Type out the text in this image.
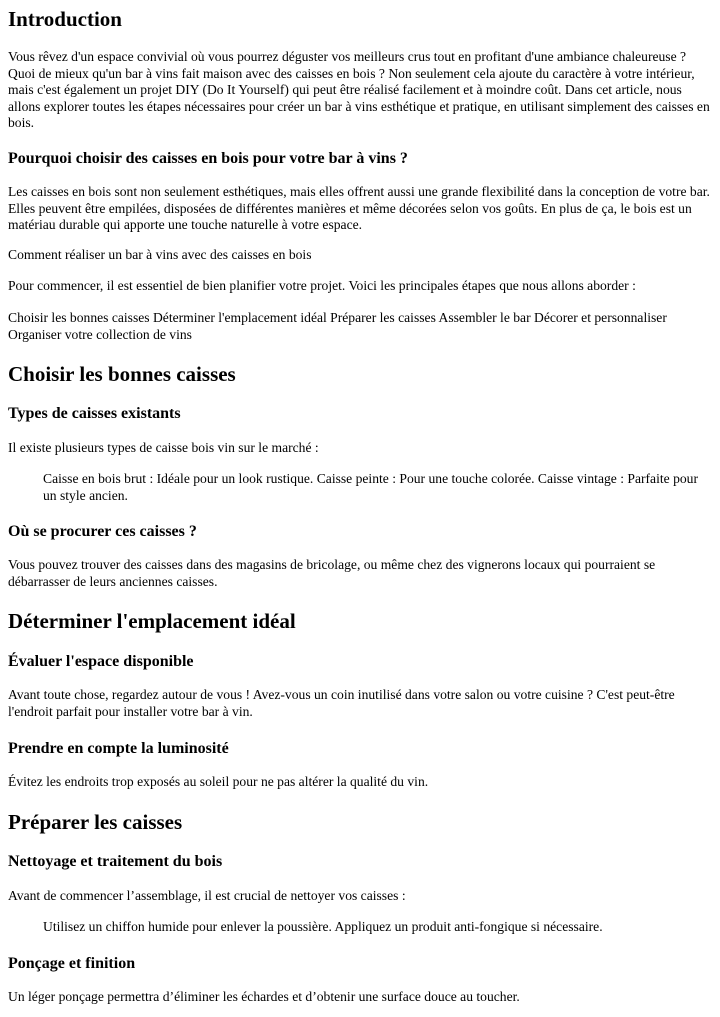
Introduction

Vous rêvez d'un espace convivial où vous pourrez déguster vos meilleurs crus tout en profitant d'une ambiance chaleureuse ? Quoi de mieux qu'un bar à vins fait maison avec des caisses en bois ? Non seulement cela ajoute du caractère à votre intérieur, mais c'est également un projet DIY (Do It Yourself) qui peut être réalisé facilement et à moindre coût. Dans cet article, nous allons explorer toutes les étapes nécessaires pour créer un bar à vins esthétique et pratique, en utilisant simplement des caisses en bois.

Pourquoi choisir des caisses en bois pour votre bar à vins ?

Les caisses en bois sont non seulement esthétiques, mais elles offrent aussi une grande flexibilité dans la conception de votre bar. Elles peuvent être empilées, disposées de différentes manières et même décorées selon vos goûts. En plus de ça, le bois est un matériau durable qui apporte une touche naturelle à votre espace.

Comment réaliser un bar à vins avec des caisses en bois

Pour commencer, il est essentiel de bien planifier votre projet. Voici les principales étapes que nous allons aborder :

Choisir les bonnes caisses Déterminer l'emplacement idéal Préparer les caisses Assembler le bar Décorer et personnaliser Organiser votre collection de vins

Choisir les bonnes caisses
Types de caisses existants

Il existe plusieurs types de caisse bois vin sur le marché :

Caisse en bois brut : Idéale pour un look rustique. Caisse peinte : Pour une touche colorée. Caisse vintage : Parfaite pour un style ancien.

Où se procurer ces caisses ?

Vous pouvez trouver des caisses dans des magasins de bricolage, ou même chez des vignerons locaux qui pourraient se débarrasser de leurs anciennes caisses.

Déterminer l'emplacement idéal
Évaluer l'espace disponible

Avant toute chose, regardez autour de vous ! Avez-vous un coin inutilisé dans votre salon ou votre cuisine ? C'est peut-être l'endroit parfait pour installer votre bar à vin.

Prendre en compte la luminosité

Évitez les endroits trop exposés au soleil pour ne pas altérer la qualité du vin.

Préparer les caisses
Nettoyage et traitement du bois

Avant de commencer l’assemblage, il est crucial de nettoyer vos caisses :

Utilisez un chiffon humide pour enlever la poussière. Appliquez un produit anti-fongique si nécessaire.

Ponçage et finition

Un léger ponçage permettra d’éliminer les échardes et d’obtenir une surface douce au toucher.
